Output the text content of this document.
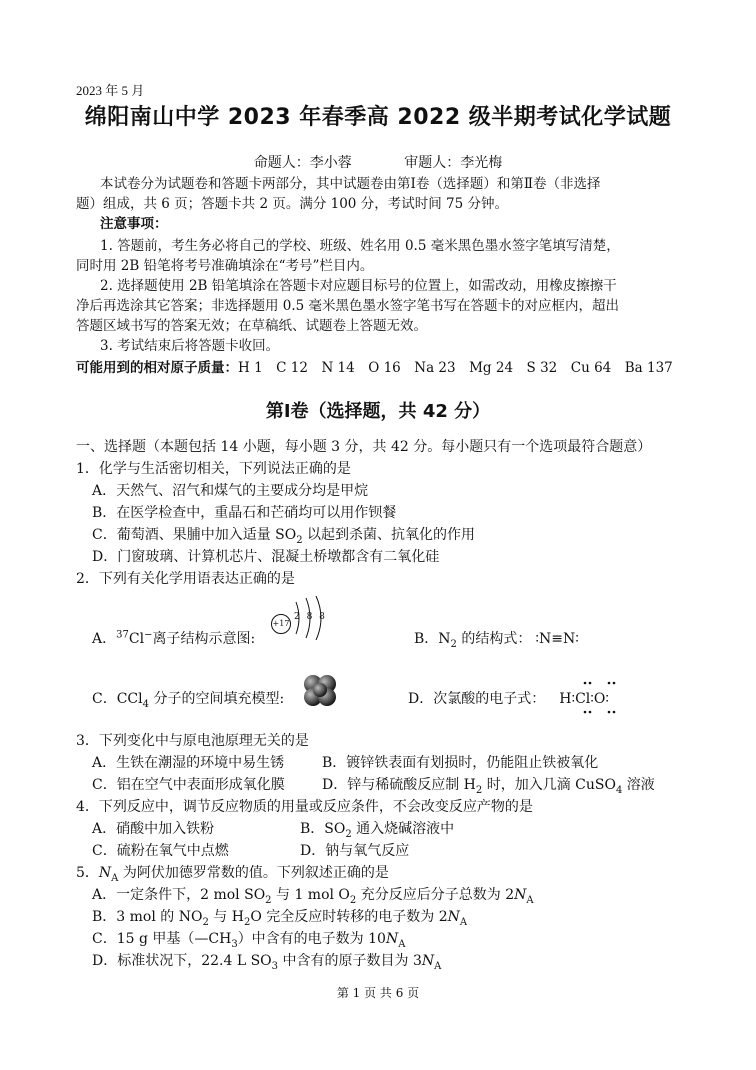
2023 年 5 月
绵阳南山中学 2023 年春季高 2022 级半期考试化学试题
命题人：李小蓉	审题人：李光梅
本试卷分为试题卷和答题卡两部分，其中试题卷由第Ⅰ卷（选择题）和第Ⅱ卷（非选择
题）组成，共 6 页；答题卡共 2 页。满分 100 分，考试时间 75 分钟。
注意事项：
1. 答题前，考生务必将自己的学校、班级、姓名用 0.5 毫米黑色墨水签字笔填写清楚，
同时用 2B 铅笔将考号准确填涂在“考号”栏目内。
2. 选择题使用 2B 铅笔填涂在答题卡对应题目标号的位置上，如需改动，用橡皮擦擦干
净后再选涂其它答案；非选择题用 0.5 毫米黑色墨水签字笔书写在答题卡的对应框内，超出
答题区域书写的答案无效；在草稿纸、试题卷上答题无效。
3. 考试结束后将答题卡收回。
可能用到的相对原子质量：H 1　C 12　N 14　O 16　Na 23　Mg 24　S 32　Cu 64　Ba 137
第Ⅰ卷（选择题，共 42 分）
一、选择题（本题包括 14 小题，每小题 3 分，共 42 分。每小题只有一个选项最符合题意）
1．化学与生活密切相关，下列说法正确的是
A．天然气、沼气和煤气的主要成分均是甲烷
B．在医学检查中，重晶石和芒硝均可以用作钡餐
C．葡萄酒、果脯中加入适量 $SO_2$ 以起到杀菌、抗氧化的作用
D．门窗玻璃、计算机芯片、混凝土桥墩都含有二氧化硅
2．下列有关化学用语表达正确的是
A．$^{37}$Cl−离子结构示意图:
+17
2 8 8
B．$N_2$ 的结构式： ∶N≡N∶
C．CCl$_4$ 分子的空间填充模型:	D．次氯酸的电子式： H∶Cl∶O∶
3．下列变化中与原电池原理无关的是
A．生铁在潮湿的环境中易生锈	B．镀锌铁表面有划损时，仍能阻止铁被氧化
C．铝在空气中表面形成氧化膜	D．锌与稀硫酸反应制 $H_2$ 时，加入几滴 CuSO$_4$ 溶液
4．下列反应中，调节反应物质的用量或反应条件，不会改变反应产物的是
A．硝酸中加入铁粉	B．$SO_2$ 通入烧碱溶液中
C．硫粉在氧气中点燃	D．钠与氧气反应
5．$N_A$ 为阿伏加德罗常数的值。下列叙述正确的是
A．一定条件下，2 mol $SO_2$ 与 1 mol $O_2$ 充分反应后分子总数为 $2N_A$
B．3 mol 的 $NO_2$ 与 $H_2O$ 完全反应时转移的电子数为 $2N_A$
C．15 g 甲基$(—CH_3)$中含有的电子数为 $10N_A$
D．标准状况下，22.4 L $SO_3$ 中含有的原子数目为 $3N_A$
第 1 页 共 6 页
